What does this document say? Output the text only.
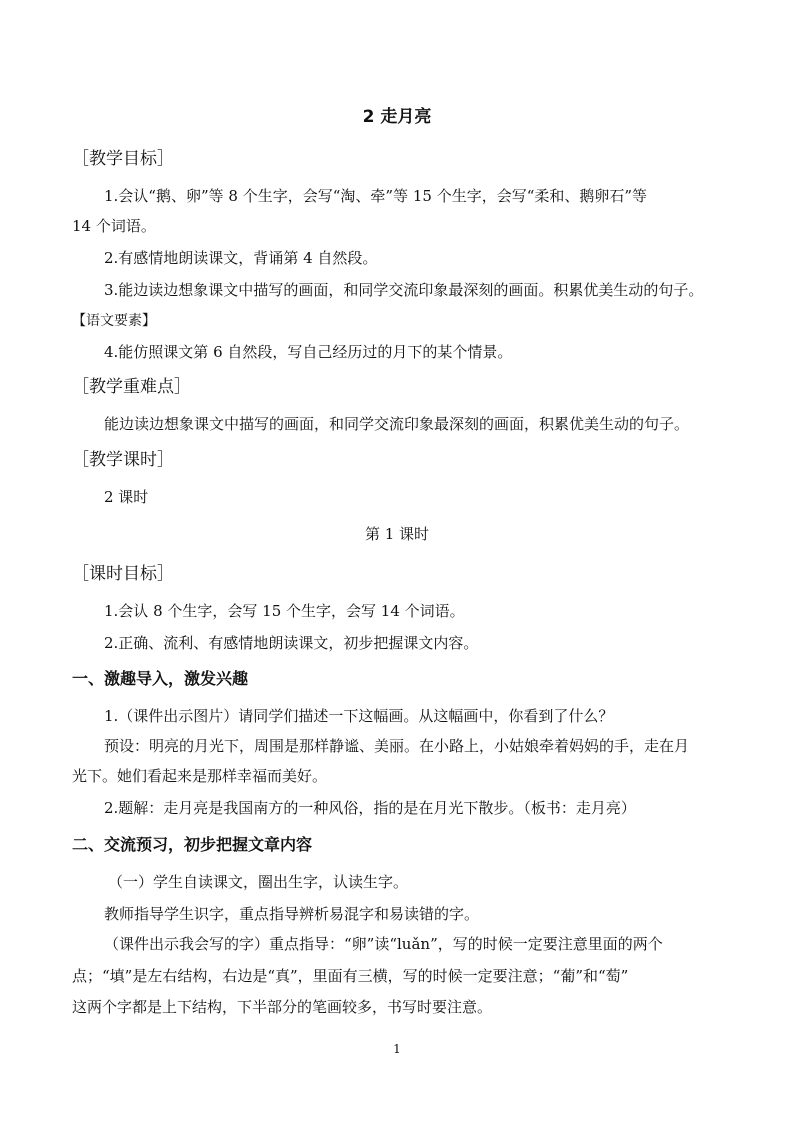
2 走月亮
［教学目标］
1.会认“鹅、卵”等 8 个生字，会写“淘、牵”等 15 个生字，会写“柔和、鹅卵石”等
14 个词语。
2.有感情地朗读课文，背诵第 4 自然段。
3.能边读边想象课文中描写的画面，和同学交流印象最深刻的画面。积累优美生动的句子。
【语文要素】
4.能仿照课文第 6 自然段，写自己经历过的月下的某个情景。
［教学重难点］
能边读边想象课文中描写的画面，和同学交流印象最深刻的画面，积累优美生动的句子。
［教学课时］
2 课时
第 1 课时
［课时目标］
1.会认 8 个生字，会写 15 个生字，会写 14 个词语。
2.正确、流利、有感情地朗读课文，初步把握课文内容。
一、激趣导入，激发兴趣
1.（课件出示图片）请同学们描述一下这幅画。从这幅画中，你看到了什么？
预设：明亮的月光下，周围是那样静谧、美丽。在小路上，小姑娘牵着妈妈的手，走在月
光下。她们看起来是那样幸福而美好。
2.题解：走月亮是我国南方的一种风俗，指的是在月光下散步。（板书：走月亮）
二、交流预习，初步把握文章内容
（一）学生自读课文，圈出生字，认读生字。
教师指导学生识字，重点指导辨析易混字和易读错的字。
（课件出示我会写的字）重点指导：“卵”读“luǎn”，写的时候一定要注意里面的两个
点；“填”是左右结构，右边是“真”，里面有三横，写的时候一定要注意；“葡”和“萄”
这两个字都是上下结构，下半部分的笔画较多，书写时要注意。
1
